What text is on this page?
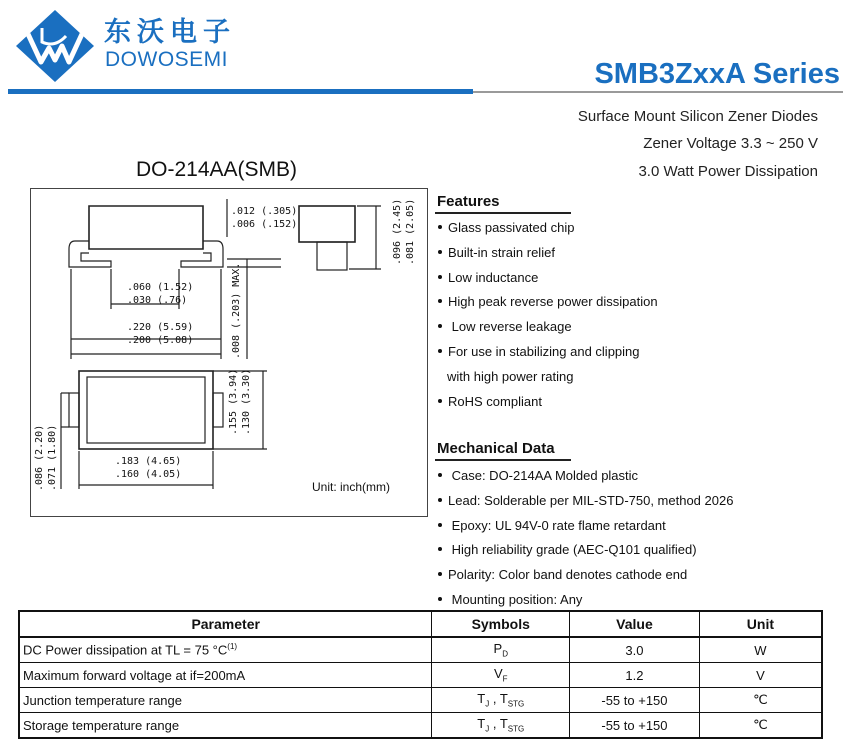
东沃电子
DOWOSEMI	SMB3ZxxA Series
Surface Mount Silicon Zener Diodes
Zener Voltage 3.3 ~ 250 V
3.0 Watt Power Dissipation
DO-214AA(SMB)
.012 (.305)
.006 (.152)	.096 (2.45) .081 (2.05)
.060 (1.52)
.030 (.76)
.220 (5.59)
.200 (5.08)	.008 (.203) MAX.
.155 (3.94) .130 (3.30)
.086 (2.20) .071 (1.80)	.183 (4.65)
.160 (4.05)
Unit: inch(mm)
Features
Glass passivated chip
Built-in strain relief
Low inductance
High peak reverse power dissipation
Low reverse leakage
For use in stabilizing and clipping
with high power rating
RoHS compliant
Mechanical Data
Case: DO-214AA Molded plastic
Lead: Solderable per MIL-STD-750, method 2026
Epoxy: UL 94V-0 rate flame retardant
High reliability grade (AEC-Q101 qualified)
Polarity: Color band denotes cathode end
Mounting position: Any
Parameter	Symbols	Value	Unit
DC Power dissipation at TL = 75 $^\circ C^{(1)}$	$P_D$	3.0	W
Maximum forward voltage at if=200mA	$V_F$	1.2	V
Junction temperature range	$T_J$ , $T_{STG}$	-55 to +150	℃
Storage temperature range	$T_J$ , $T_{STG}$	-55 to +150	℃
